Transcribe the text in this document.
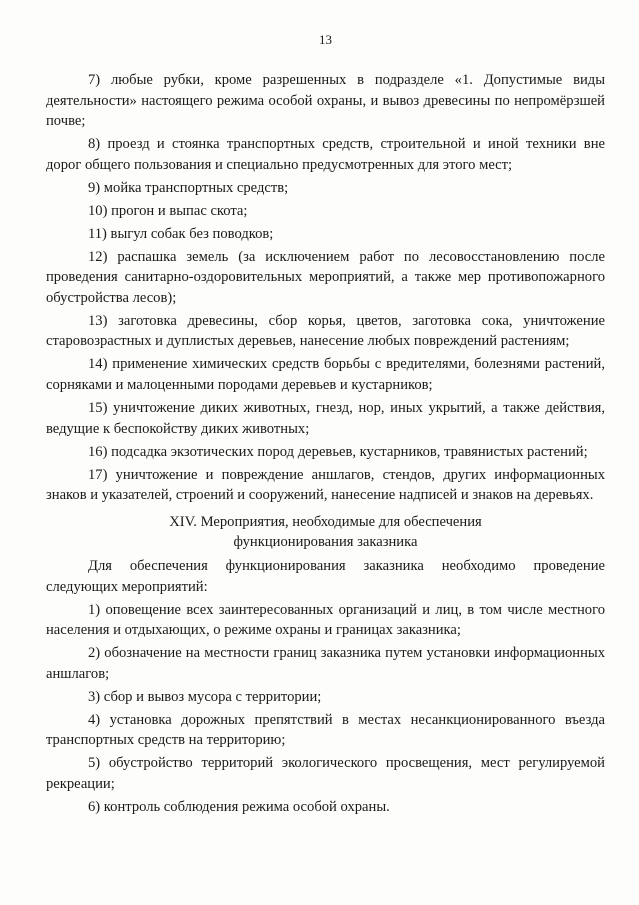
13

7) любые рубки, кроме разрешенных в подразделе «1. Допустимые виды деятельности» настоящего режима особой охраны, и вывоз древесины по непромёрзшей почве;

8) проезд и стоянка транспортных средств, строительной и иной техники вне дорог общего пользования и специально предусмотренных для этого мест;

9) мойка транспортных средств;

10) прогон и выпас скота;

11) выгул собак без поводков;

12) распашка земель (за исключением работ по лесовосстановлению после проведения санитарно-оздоровительных мероприятий, а также мер противопожарного обустройства лесов);

13) заготовка древесины, сбор корья, цветов, заготовка сока, уничтожение старовозрастных и дуплистых деревьев, нанесение любых повреждений растениям;

14) применение химических средств борьбы с вредителями, болезнями растений, сорняками и малоценными породами деревьев и кустарников;

15) уничтожение диких животных, гнезд, нор, иных укрытий, а также действия, ведущие к беспокойству диких животных;

16) подсадка экзотических пород деревьев, кустарников, травянистых растений;

17) уничтожение и повреждение аншлагов, стендов, других информационных знаков и указателей, строений и сооружений, нанесение надписей и знаков на деревьях.

XIV. Мероприятия, необходимые для обеспечения
функционирования заказника

Для обеспечения функционирования заказника необходимо проведение следующих мероприятий:

1) оповещение всех заинтересованных организаций и лиц, в том числе местного населения и отдыхающих, о режиме охраны и границах заказника;

2) обозначение на местности границ заказника путем установки информационных аншлагов;

3) сбор и вывоз мусора с территории;

4) установка дорожных препятствий в местах несанкционированного въезда транспортных средств на территорию;

5) обустройство территорий экологического просвещения, мест регулируемой рекреации;

6) контроль соблюдения режима особой охраны.
